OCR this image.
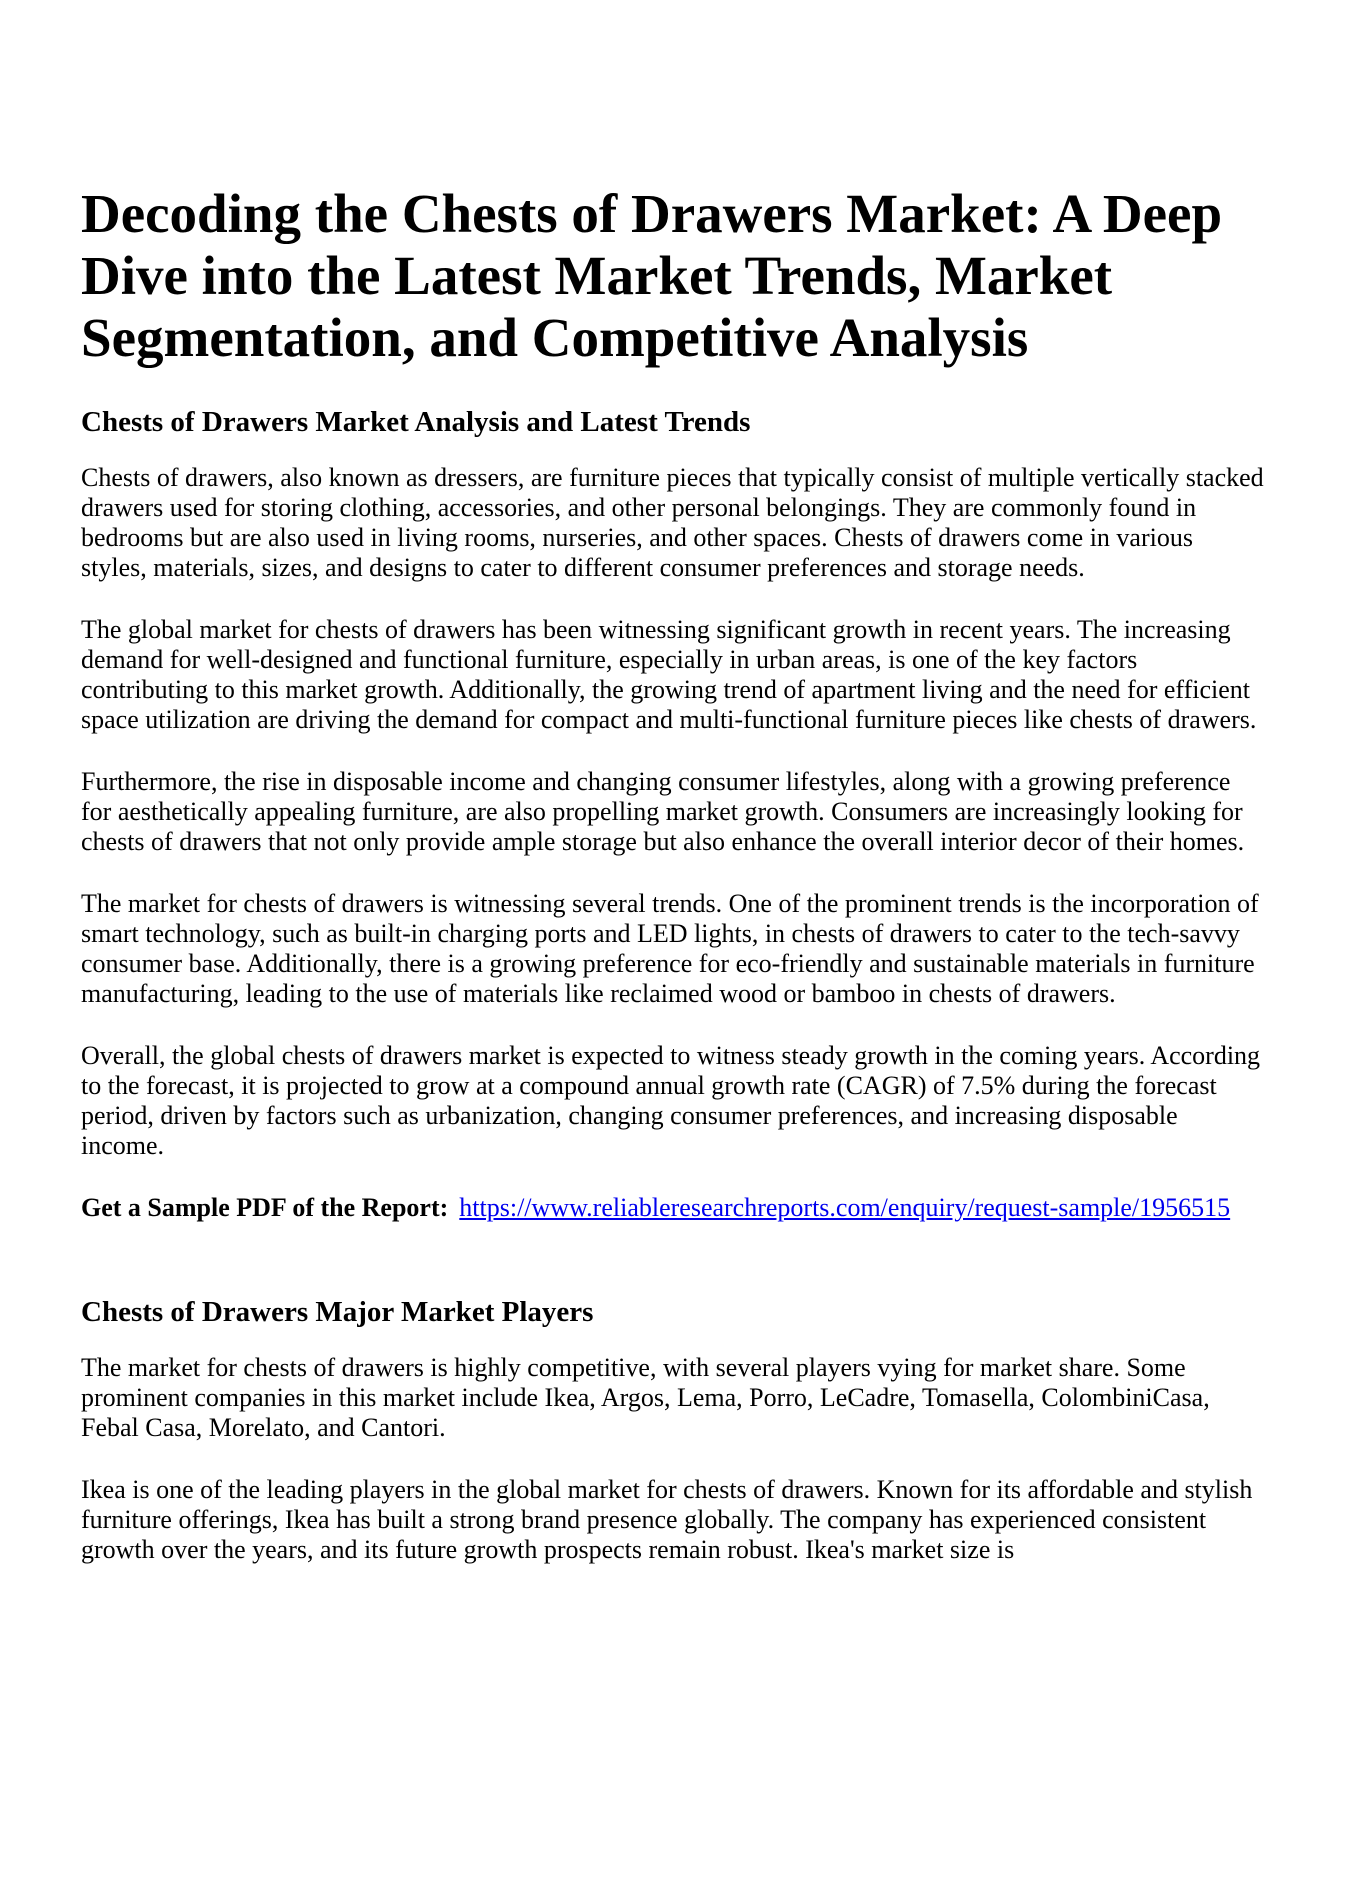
Decoding the Chests of Drawers Market: A Deep Dive into the Latest Market Trends, Market Segmentation, and Competitive Analysis
Chests of Drawers Market Analysis and Latest Trends

Chests of drawers, also known as dressers, are furniture pieces that typically consist of multiple vertically stacked drawers used for storing clothing, accessories, and other personal belongings. They are commonly found in bedrooms but are also used in living rooms, nurseries, and other spaces. Chests of drawers come in various styles, materials, sizes, and designs to cater to different consumer preferences and storage needs.

The global market for chests of drawers has been witnessing significant growth in recent years. The increasing demand for well-designed and functional furniture, especially in urban areas, is one of the key factors contributing to this market growth. Additionally, the growing trend of apartment living and the need for efficient space utilization are driving the demand for compact and multi-functional furniture pieces like chests of drawers.

Furthermore, the rise in disposable income and changing consumer lifestyles, along with a growing preference for aesthetically appealing furniture, are also propelling market growth. Consumers are increasingly looking for chests of drawers that not only provide ample storage but also enhance the overall interior decor of their homes.

The market for chests of drawers is witnessing several trends. One of the prominent trends is the incorporation of smart technology, such as built-in charging ports and LED lights, in chests of drawers to cater to the tech-savvy consumer base. Additionally, there is a growing preference for eco-friendly and sustainable materials in furniture manufacturing, leading to the use of materials like reclaimed wood or bamboo in chests of drawers.

Overall, the global chests of drawers market is expected to witness steady growth in the coming years. According to the forecast, it is projected to grow at a compound annual growth rate (CAGR) of 7.5% during the forecast period, driven by factors such as urbanization, changing consumer preferences, and increasing disposable income.

Get a Sample PDF of the Report: https://www.reliableresearchreports.com/enquiry/request-sample/1956515

Chests of Drawers Major Market Players

The market for chests of drawers is highly competitive, with several players vying for market share. Some prominent companies in this market include Ikea, Argos, Lema, Porro, LeCadre, Tomasella, ColombiniCasa, Febal Casa, Morelato, and Cantori.

Ikea is one of the leading players in the global market for chests of drawers. Known for its affordable and stylish furniture offerings, Ikea has built a strong brand presence globally. The company has experienced consistent growth over the years, and its future growth prospects remain robust. Ikea's market size is
